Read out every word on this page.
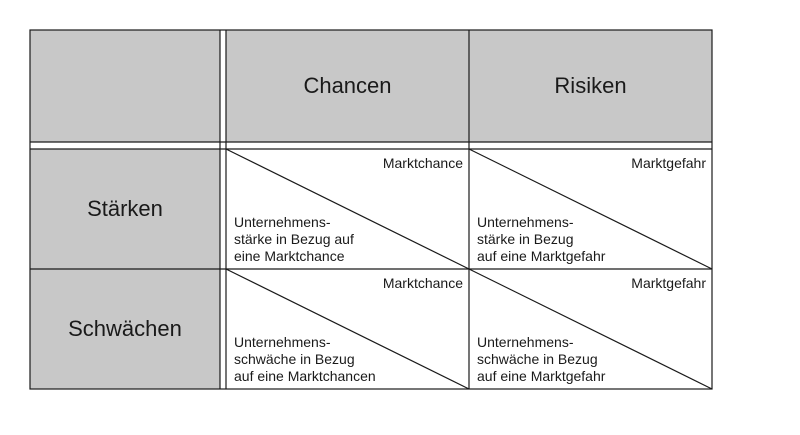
Chancen	Risiken
Stärken
Schwächen
Marktchance
Unternehmens-
stärke in Bezug auf
eine Marktchance
Marktgefahr
Unternehmens-
stärke in Bezug
auf eine Marktgefahr
Marktchance
Unternehmens-
schwäche in Bezug
auf eine Marktchancen
Marktgefahr
Unternehmens-
schwäche in Bezug
auf eine Marktgefahr
